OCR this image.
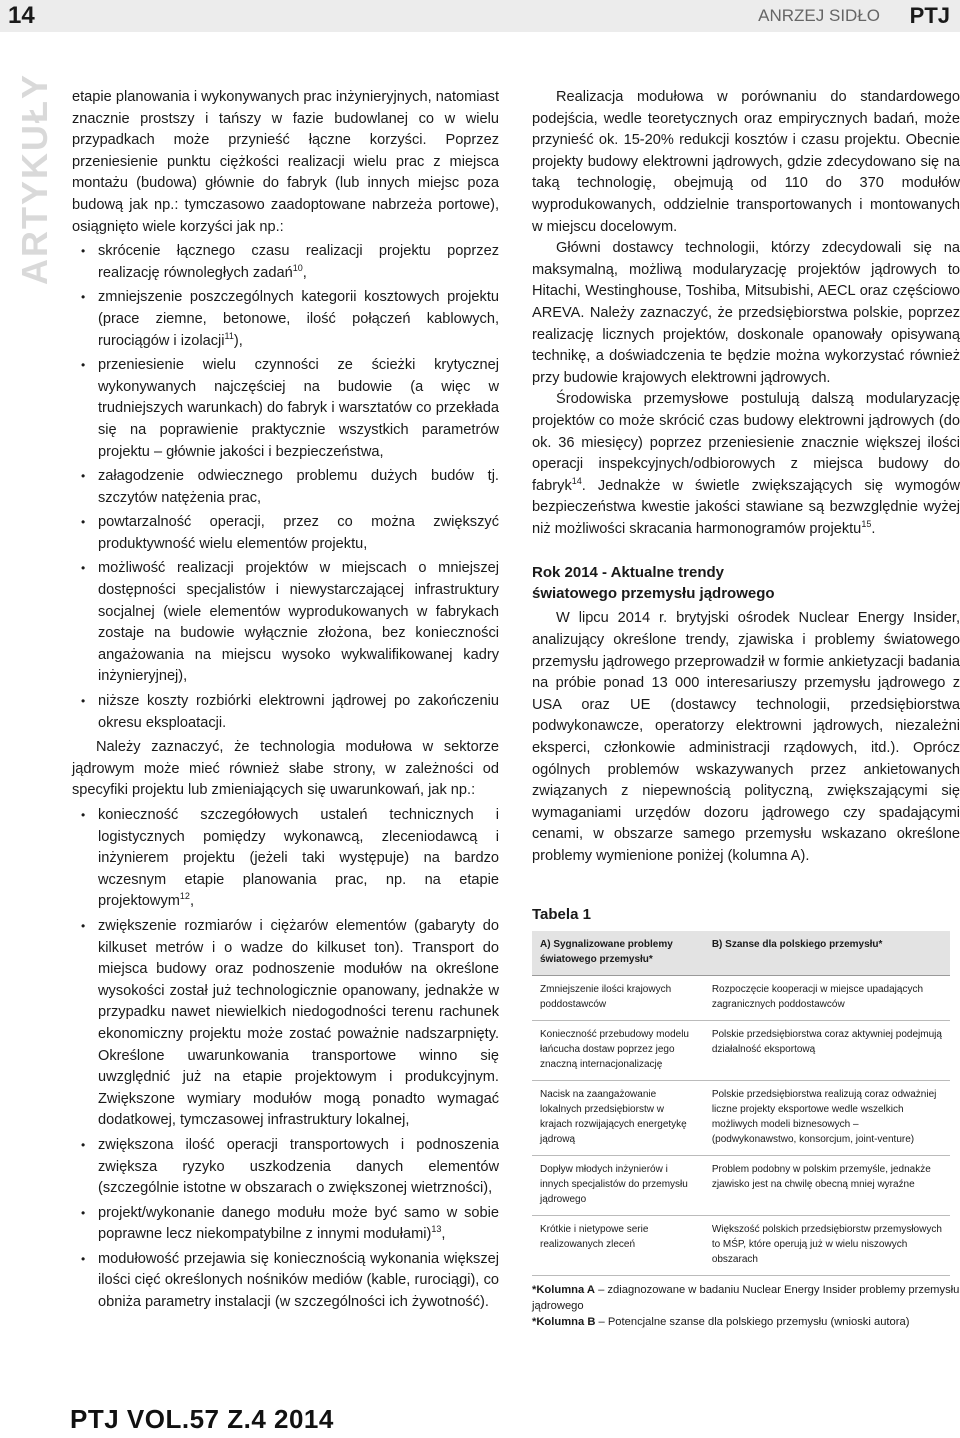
14	ANRZEJ SIDŁO PTJ
ARTYKUŁY etapie planowania i wykonywanych prac inżynieryjnych, natomiast znacznie prostszy i tańszy w fazie budowlanej co w wielu przypadkach może przynieść łączne korzyści. Poprzez przeniesienie punktu ciężkości realizacji wielu prac z miejsca montażu (budowa) głównie do fabryk (lub innych miejsc poza budową jak np.: tymczasowo zaadoptowane nabrzeża portowe), osiągnięto wiele korzyści jak np.:

• skrócenie łącznego czasu realizacji projektu poprzez realizację równoległych zadań$^{10}$,
• zmniejszenie poszczególnych kategorii kosztowych projektu (prace ziemne, betonowe, ilość połączeń kablowych, rurociągów i izolacji$^{11}$),
• przeniesienie wielu czynności ze ścieżki krytycznej wykonywanych najczęściej na budowie (a więc w trudniejszych warunkach) do fabryk i warsztatów co przekłada się na poprawienie praktycznie wszystkich parametrów projektu – głównie jakości i bezpieczeństwa,
• załagodzenie odwiecznego problemu dużych budów tj. szczytów natężenia prac,
• powtarzalność operacji, przez co można zwiększyć produktywność wielu elementów projektu,
• możliwość realizacji projektów w miejscach o mniejszej dostępności specjalistów i niewystarczającej infrastruktury socjalnej (wiele elementów wyprodukowanych w fabrykach zostaje na budowie wyłącznie złożona, bez konieczności angażowania na miejscu wysoko wykwalifikowanej kadry inżynieryjnej),
• niższe koszty rozbiórki elektrowni jądrowej po zakończeniu okresu eksploatacji.

Należy zaznaczyć, że technologia modułowa w sektorze jądrowym może mieć również słabe strony, w zależności od specyfiki projektu lub zmieniających się uwarunkowań, jak np.:

• konieczność szczegółowych ustaleń technicznych i logistycznych pomiędzy wykonawcą, zleceniodawcą i inżynierem projektu (jeżeli taki występuje) na bardzo wczesnym etapie planowania prac, np. na etapie projektowym$^{12}$,
• zwiększenie rozmiarów i ciężarów elementów (gabaryty do kilkuset metrów i o wadze do kilkuset ton). Transport do miejsca budowy oraz podnoszenie modułów na określone wysokości został już technologicznie opanowany, jednakże w przypadku nawet niewielkich niedogodności terenu rachunek ekonomiczny projektu może zostać poważnie nadszarpnięty. Określone uwarunkowania transportowe winno się uwzględnić już na etapie projektowym i produkcyjnym. Zwiększone wymiary modułów mogą ponadto wymagać dodatkowej, tymczasowej infrastruktury lokalnej,
• zwiększona ilość operacji transportowych i podnoszenia zwiększa ryzyko uszkodzenia danych elementów (szczególnie istotne w obszarach o zwiększonej wietrzności),
• projekt/wykonanie danego modułu może być samo w sobie poprawne lecz niekompatybilne z innymi modułami)$^{13}$,
• modułowość przejawia się koniecznością wykonania większej ilości cięć określonych nośników mediów (kable, rurociągi), co obniża parametry instalacji (w szczególności ich żywotność).

Realizacja modułowa w porównaniu do standardowego podejścia, wedle teoretycznych oraz empirycznych badań, może przynieść ok. 15-20% redukcji kosztów i czasu projektu. Obecnie projekty budowy elektrowni jądrowych, gdzie zdecydowano się na taką technologię, obejmują od 110 do 370 modułów wyprodukowanych, oddzielnie transportowanych i montowanych w miejscu docelowym.

Główni dostawcy technologii, którzy zdecydowali się na maksymalną, możliwą modularyzację projektów jądrowych to Hitachi, Westinghouse, Toshiba, Mitsubishi, AECL oraz częściowo AREVA. Należy zaznaczyć, że przedsiębiorstwa polskie, poprzez realizację licznych projektów, doskonale opanowały opisywaną technikę, a doświadczenia te będzie można wykorzystać również przy budowie krajowych elektrowni jądrowych.

Środowiska przemysłowe postulują dalszą modularyzację projektów co może skrócić czas budowy elektrowni jądrowych (do ok. 36 miesięcy) poprzez przeniesienie znacznie większej ilości operacji inspekcyjnych/odbiorowych z miejsca budowy do fabryk$^{14}$. Jednakże w świetle zwiększających się wymogów bezpieczeństwa kwestie jakości stawiane są bezwzględnie wyżej niż możliwości skracania harmonogramów projektu$^{15}$.

Rok 2014 - Aktualne trendy
światowego przemysłu jądrowego

W lipcu 2014 r. brytyjski ośrodek Nuclear Energy Insider, analizujący określone trendy, zjawiska i problemy światowego przemysłu jądrowego przeprowadził w formie ankietyzacji badania na próbie ponad 13 000 interesariuszy przemysłu jądrowego z USA oraz UE (dostawcy technologii, przedsiębiorstwa podwykonawcze, operatorzy elektrowni jądrowych, niezależni eksperci, członkowie administracji rządowych, itd.). Oprócz ogólnych problemów wskazywanych przez ankietowanych związanych z niepewnością polityczną, zwiększającymi się wymaganiami urzędów dozoru jądrowego czy spadającymi cenami, w obszarze samego przemysłu wskazano określone problemy wymienione poniżej (kolumna A).

Tabela 1
A) Sygnalizowane problemy światowego przemysłu*	B) Szanse dla polskiego przemysłu*
Zmniejszenie ilości krajowych poddostawców	Rozpoczęcie kooperacji w miejsce upadających zagranicznych poddostawców
Konieczność przebudowy modelu łańcucha dostaw poprzez jego znaczną internacjonalizację	Polskie przedsiębiorstwa coraz aktywniej podejmują działalność eksportową
Nacisk na zaangażowanie lokalnych przedsiębiorstw w krajach rozwijających energetykę jądrową	Polskie przedsiębiorstwa realizują coraz odważniej liczne projekty eksportowe wedle wszelkich możliwych modeli biznesowych – (podwykonawstwo, konsorcjum, joint-venture)
Dopływ młodych inżynierów i innych specjalistów do przemysłu jądrowego	Problem podobny w polskim przemyśle, jednakże zjawisko jest na chwilę obecną mniej wyraźne
Krótkie i nietypowe serie realizowanych zleceń	Większość polskich przedsiębiorstw przemysłowych to MŚP, które operują już w wielu niszowych obszarach
*Kolumna A – zdiagnozowane w badaniu Nuclear Energy Insider problemy przemysłu jądrowego
*Kolumna B – Potencjalne szanse dla polskiego przemysłu (wnioski autora)
PTJ VOL.57 Z.4 2014
